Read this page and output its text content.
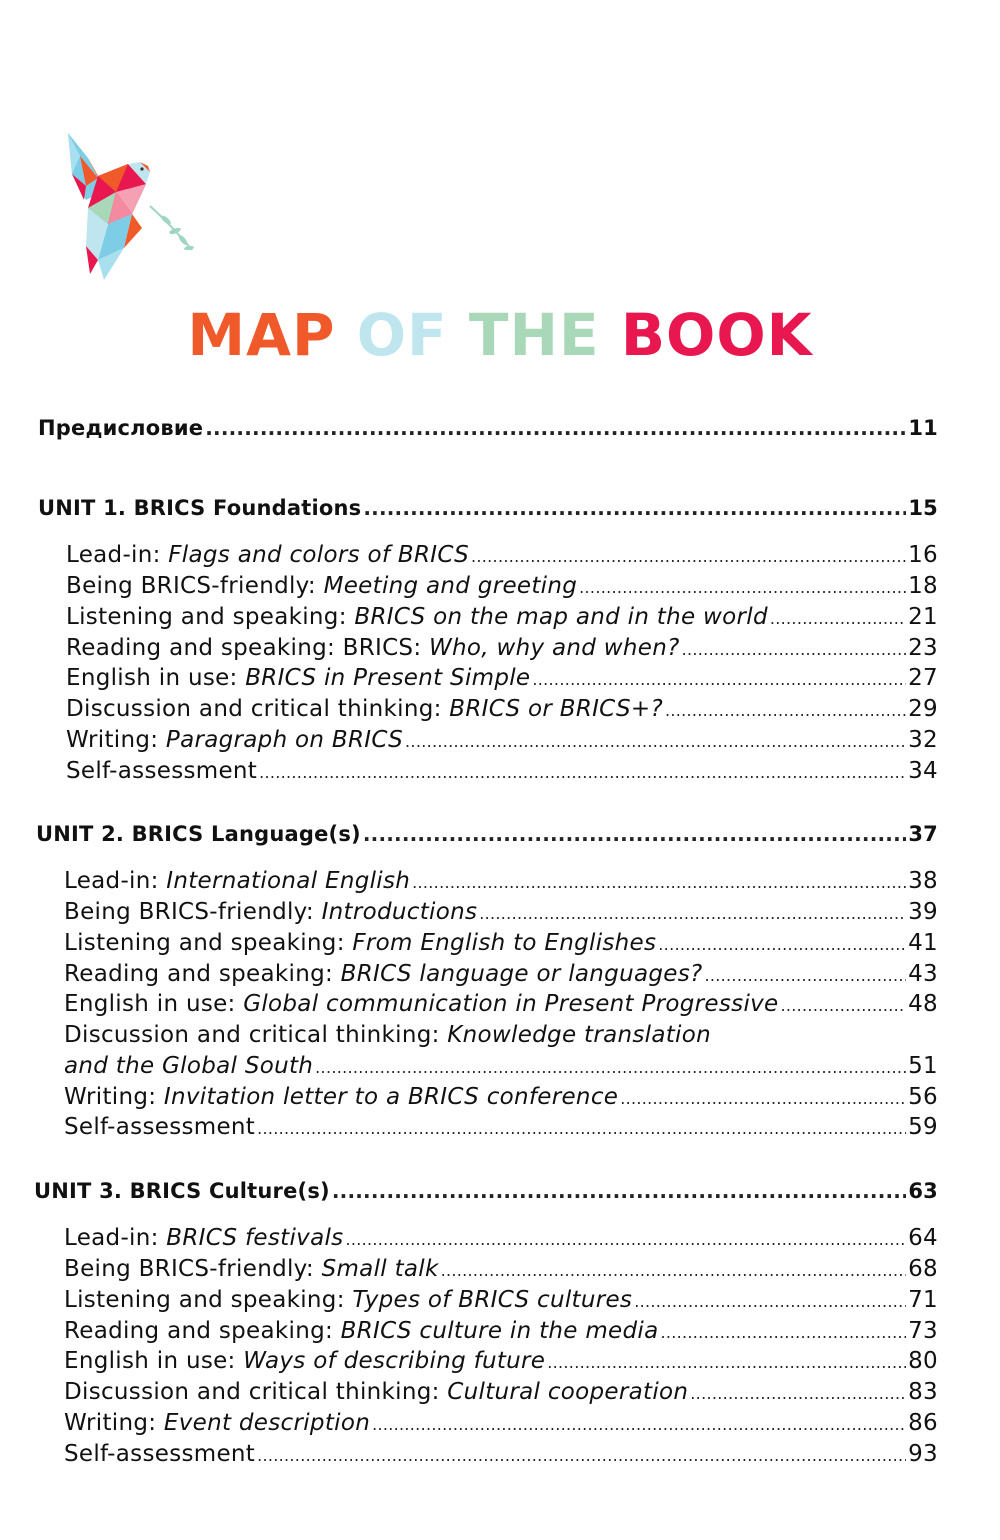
MAP OF THE BOOK
Предисловие .....	11
UNIT 1. BRICS Foundations .....	15
Lead-in: Flags and colors of BRICS .....	16
Being BRICS-friendly: Meeting and greeting .....	18
Listening and speaking: BRICS on the map and in the world .....	21
Reading and speaking: BRICS: Who, why and when? .....	23
English in use: BRICS in Present Simple .....	27
Discussion and critical thinking: BRICS or BRICS+? .....	29
Writing: Paragraph on BRICS .....	32
Self-assessment .....	34
UNIT 2. BRICS Language(s) .....	37
Lead-in: International English .....	38
Being BRICS-friendly: Introductions .....	39
Listening and speaking: From English to Englishes .....	41
Reading and speaking: BRICS language or languages? .....	43
English in use: Global communication in Present Progressive .....	48
Discussion and critical thinking: Knowledge translation
and the Global South .....	51
Writing: Invitation letter to a BRICS conference .....	56
Self-assessment .....	59
UNIT 3. BRICS Culture(s) .....	63
Lead-in: BRICS festivals .....	64
Being BRICS-friendly: Small talk .....	68
Listening and speaking: Types of BRICS cultures .....	71
Reading and speaking: BRICS culture in the media .....	73
English in use: Ways of describing future .....	80
Discussion and critical thinking: Cultural cooperation .....	83
Writing: Event description .....	86
Self-assessment .....	93
